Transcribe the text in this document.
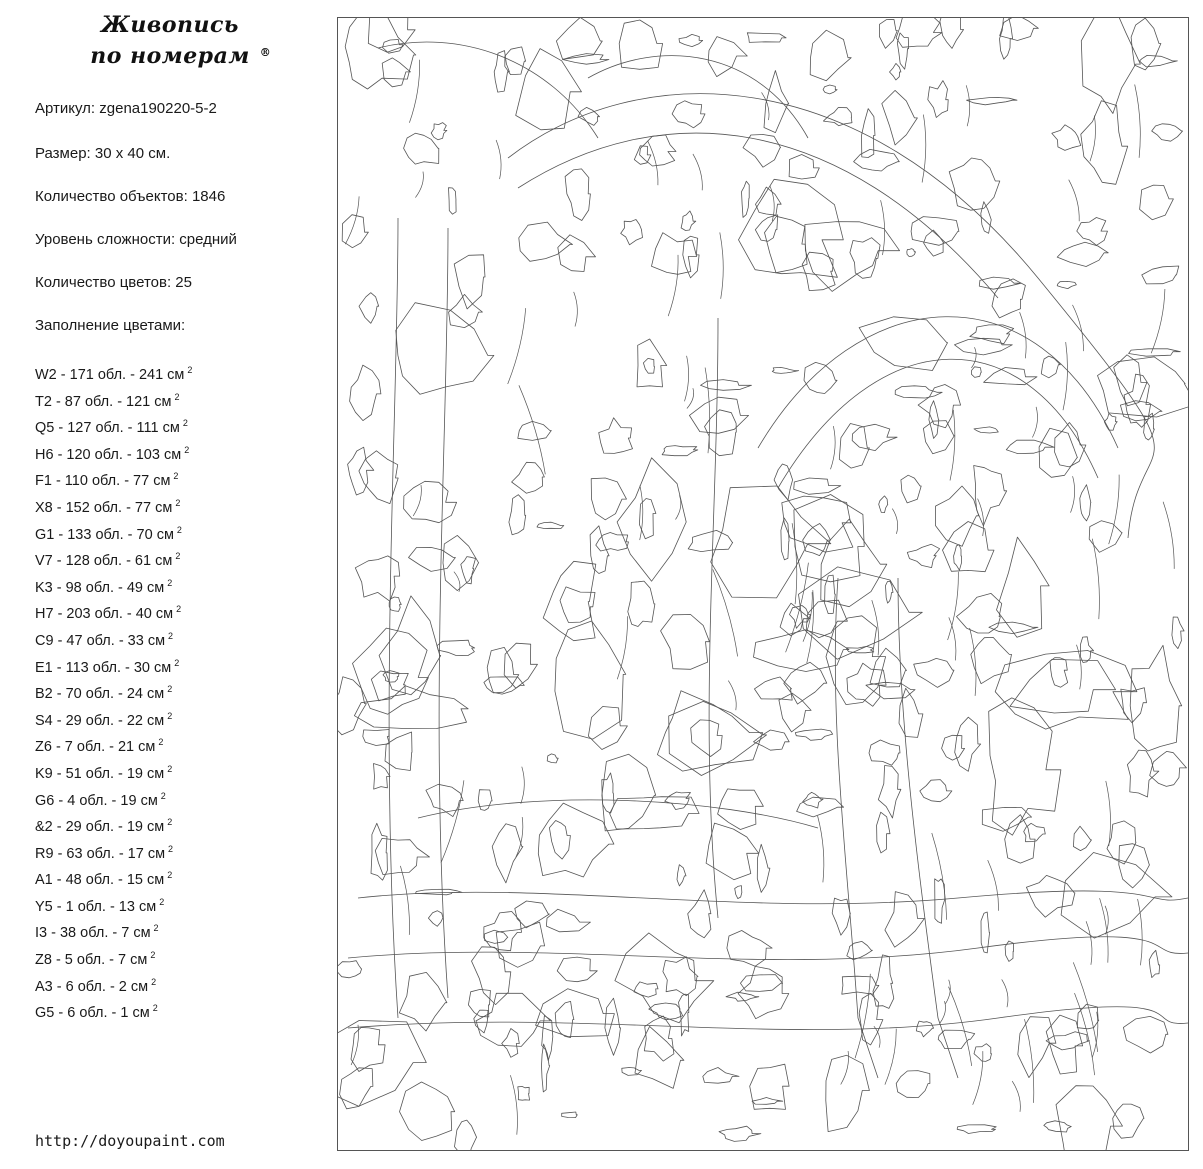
Живопись
по номерам ®
Артикул: zgena190220-5-2
Размер: 30 х 40 см.
Количество объектов: 1846
Уровень сложности: средний
Количество цветов: 25
Заполнение цветами:
W2 - 171 обл. - 241 см $^2$
T2 - 87 обл. - 121 см $^2$
Q5 - 127 обл. - 111 см $^2$
H6 - 120 обл. - 103 см $^2$
F1 - 110 обл. - 77 см $^2$
X8 - 152 обл. - 77 см $^2$
G1 - 133 обл. - 70 см $^2$
V7 - 128 обл. - 61 см $^2$
K3 - 98 обл. - 49 см $^2$
H7 - 203 обл. - 40 см $^2$
C9 - 47 обл. - 33 см $^2$
E1 - 113 обл. - 30 см $^2$
B2 - 70 обл. - 24 см $^2$
S4 - 29 обл. - 22 см $^2$
Z6 - 7 обл. - 21 см $^2$
K9 - 51 обл. - 19 см $^2$
G6 - 4 обл. - 19 см $^2$
&2 - 29 обл. - 19 см $^2$
R9 - 63 обл. - 17 см $^2$
A1 - 48 обл. - 15 см $^2$
Y5 - 1 обл. - 13 см $^2$
I3 - 38 обл. - 7 см $^2$
Z8 - 5 обл. - 7 см $^2$
A3 - 6 обл. - 2 см $^2$
G5 - 6 обл. - 1 см $^2$
http://doyoupaint.com
